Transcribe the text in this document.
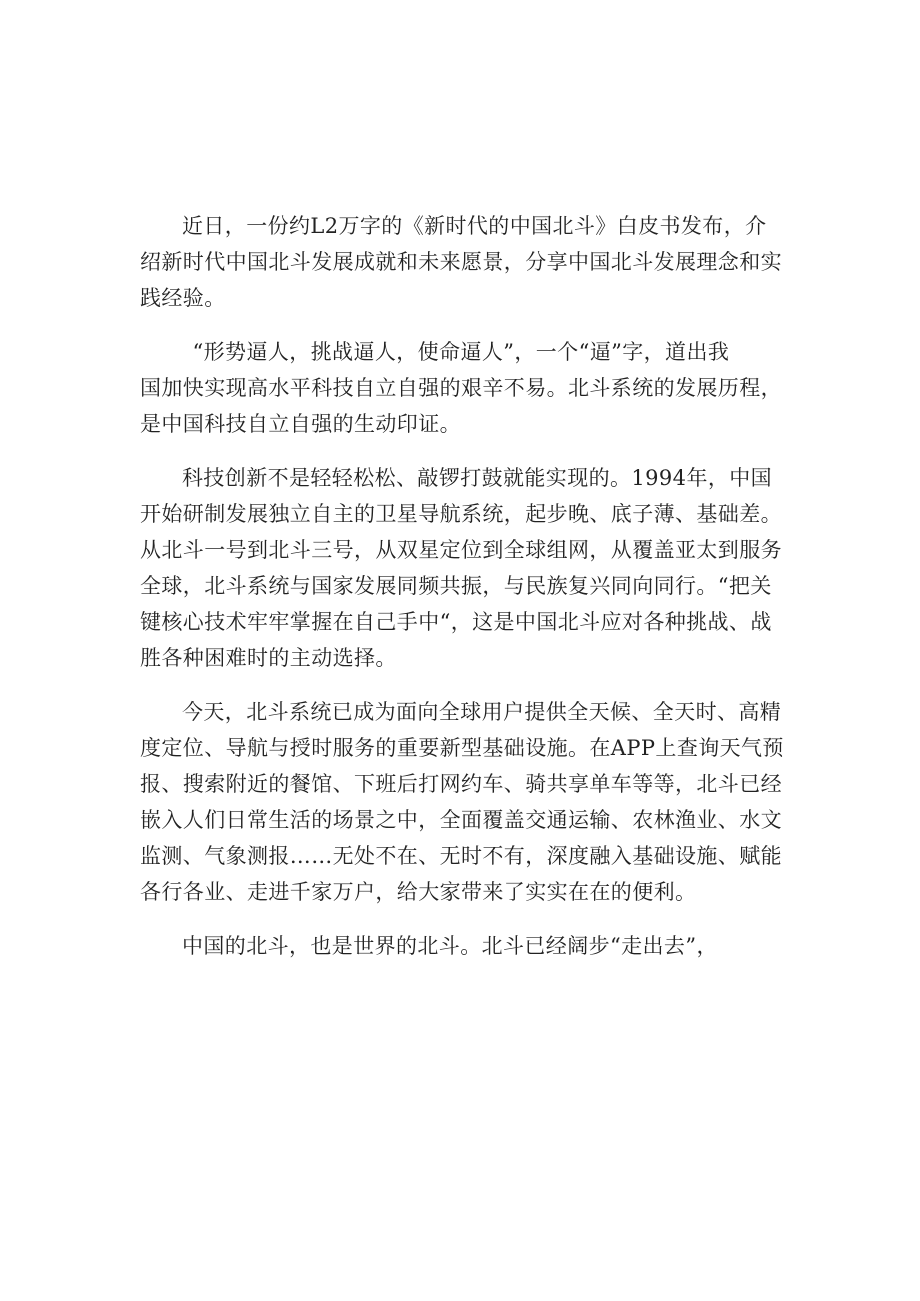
近日，一份约L2万字的《新时代的中国北斗》白皮书发布，介
绍新时代中国北斗发展成就和未来愿景，分享中国北斗发展理念和实
践经验。

“形势逼人，挑战逼人，使命逼人”，一个“逼”字，道出我
国加快实现高水平科技自立自强的艰辛不易。北斗系统的发展历程，
是中国科技自立自强的生动印证。

科技创新不是轻轻松松、敲锣打鼓就能实现的。1994年，中国
开始研制发展独立自主的卫星导航系统，起步晚、底子薄、基础差。
从北斗一号到北斗三号，从双星定位到全球组网，从覆盖亚太到服务
全球，北斗系统与国家发展同频共振，与民族复兴同向同行。“把关
键核心技术牢牢掌握在自己手中“，这是中国北斗应对各种挑战、战
胜各种困难时的主动选择。

今天，北斗系统已成为面向全球用户提供全天候、全天时、高精
度定位、导航与授时服务的重要新型基础设施。在APP上查询天气预
报、搜索附近的餐馆、下班后打网约车、骑共享单车等等，北斗已经
嵌入人们日常生活的场景之中，全面覆盖交通运输、农林渔业、水文
监测、气象测报……无处不在、无时不有，深度融入基础设施、赋能
各行各业、走进千家万户，给大家带来了实实在在的便利。

中国的北斗，也是世界的北斗。北斗已经阔步“走出去”，
